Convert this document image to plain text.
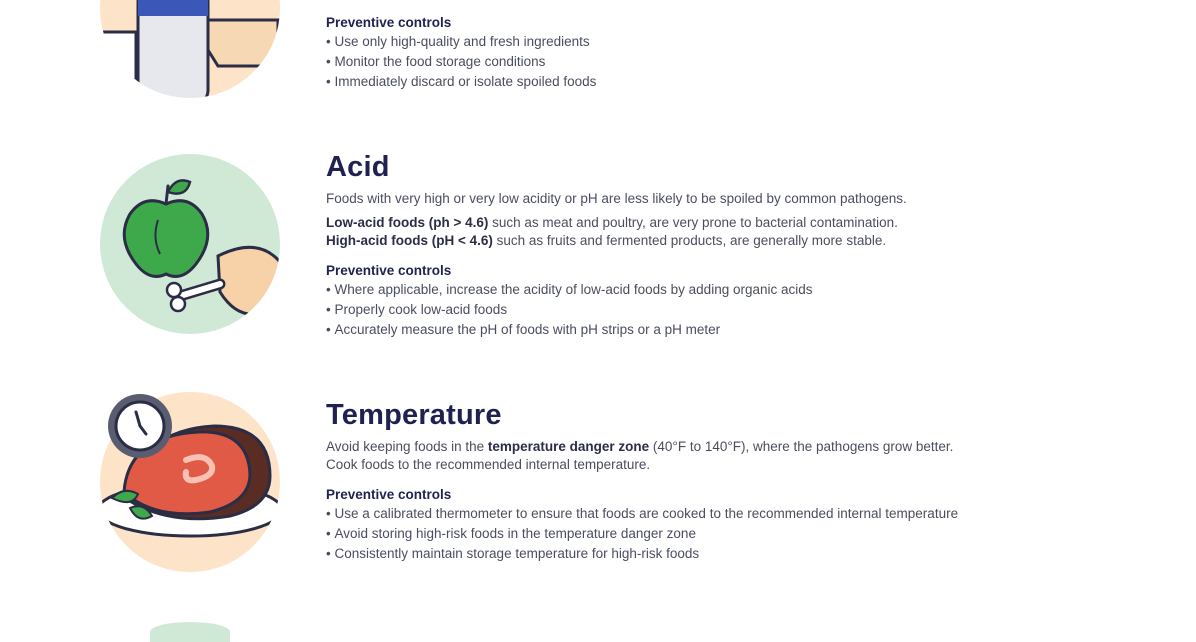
Preventive controls

• Use only high-quality and fresh ingredients
• Monitor the food storage conditions
• Immediately discard or isolate spoiled foods
Acid

Foods with very high or very low acidity or pH are less likely to be spoiled by common pathogens.

Low-acid foods (ph > 4.6) such as meat and poultry, are very prone to bacterial contamination.

High-acid foods (pH < 4.6) such as fruits and fermented products, are generally more stable.

Preventive controls

• Where applicable, increase the acidity of low-acid foods by adding organic acids
• Properly cook low-acid foods
• Accurately measure the pH of foods with pH strips or a pH meter
Temperature

Avoid keeping foods in the temperature danger zone (40°F to 140°F), where the pathogens grow better.

Cook foods to the recommended internal temperature.

Preventive controls

• Use a calibrated thermometer to ensure that foods are cooked to the recommended internal temperature
• Avoid storing high-risk foods in the temperature danger zone
• Consistently maintain storage temperature for high-risk foods
